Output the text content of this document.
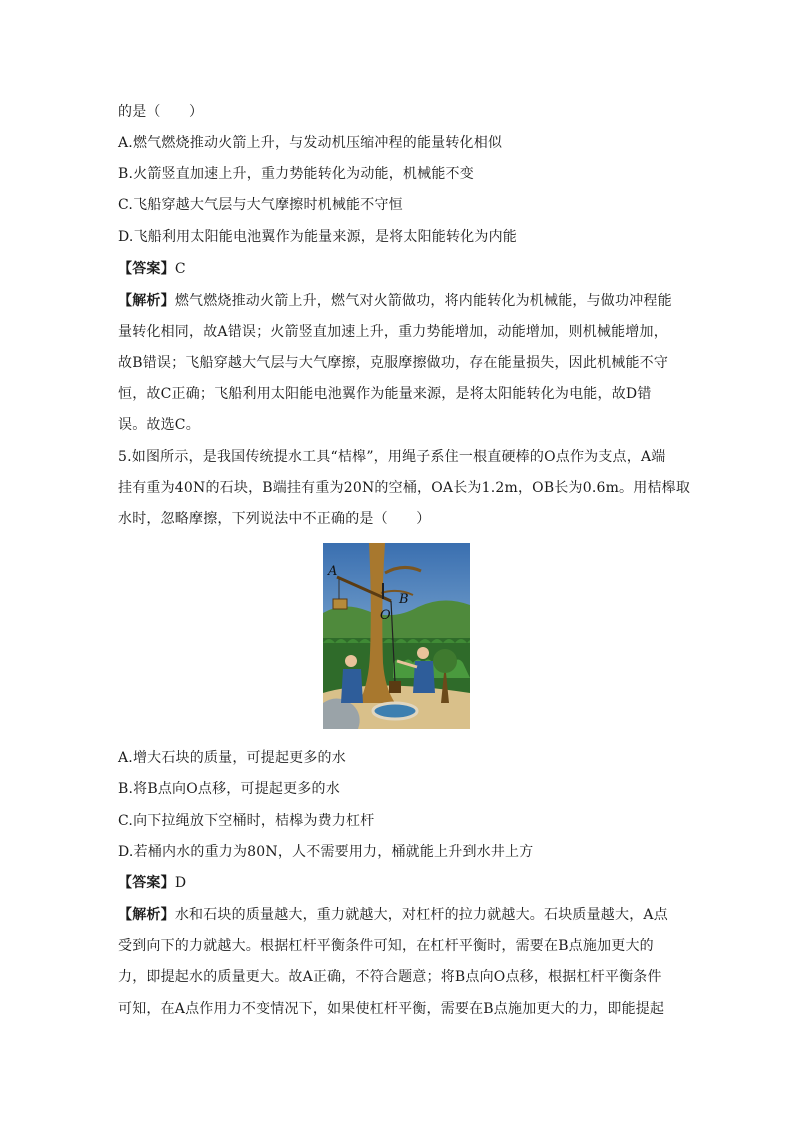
的是（　　）
A.燃气燃烧推动火箭上升，与发动机压缩冲程的能量转化相似
B.火箭竖直加速上升，重力势能转化为动能，机械能不变
C.飞船穿越大气层与大气摩擦时机械能不守恒
D.飞船利用太阳能电池翼作为能量来源，是将太阳能转化为内能
【答案】C
【解析】燃气燃烧推动火箭上升，燃气对火箭做功，将内能转化为机械能，与做功冲程能
量转化相同，故A错误；火箭竖直加速上升，重力势能增加，动能增加，则机械能增加，
故B错误；飞船穿越大气层与大气摩擦，克服摩擦做功，存在能量损失，因此机械能不守
恒，故C正确；飞船利用太阳能电池翼作为能量来源，是将太阳能转化为电能，故D错
误。故选C。
5.如图所示，是我国传统提水工具“桔槔”，用绳子系住一根直硬棒的O点作为支点，A端
挂有重为40N的石块，B端挂有重为20N的空桶，OA长为1.2m，OB长为0.6m。用桔槔取
水时，忽略摩擦，下列说法中不正确的是（　　）
A
B
O
A.增大石块的质量，可提起更多的水
B.将B点向O点移，可提起更多的水
C.向下拉绳放下空桶时，桔槔为费力杠杆
D.若桶内水的重力为80N，人不需要用力，桶就能上升到水井上方
【答案】D
【解析】水和石块的质量越大，重力就越大，对杠杆的拉力就越大。石块质量越大，A点
受到向下的力就越大。根据杠杆平衡条件可知，在杠杆平衡时，需要在B点施加更大的
力，即提起水的质量更大。故A正确，不符合题意；将B点向O点移，根据杠杆平衡条件
可知，在A点作用力不变情况下，如果使杠杆平衡，需要在B点施加更大的力，即能提起
